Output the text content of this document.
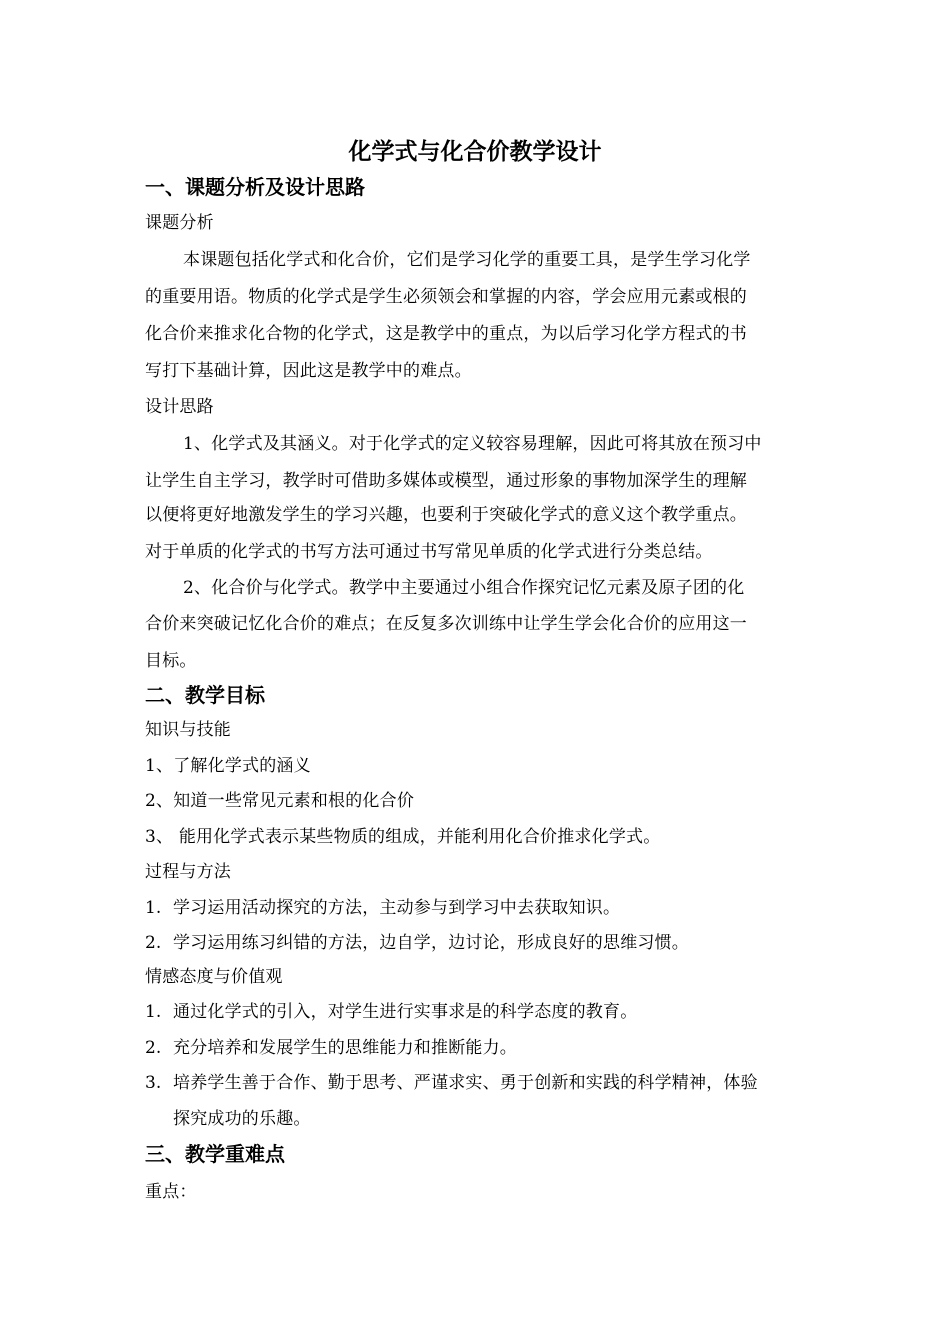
化学式与化合价教学设计
一、课题分析及设计思路
课题分析
本课题包括化学式和化合价，它们是学习化学的重要工具，是学生学习化学
的重要用语。物质的化学式是学生必须领会和掌握的内容，学会应用元素或根的
化合价来推求化合物的化学式，这是教学中的重点，为以后学习化学方程式的书
写打下基础计算，因此这是教学中的难点。
设计思路
1、化学式及其涵义。对于化学式的定义较容易理解，因此可将其放在预习中
让学生自主学习，教学时可借助多媒体或模型，通过形象的事物加深学生的理解
以便将更好地激发学生的学习兴趣，也要利于突破化学式的意义这个教学重点。
对于单质的化学式的书写方法可通过书写常见单质的化学式进行分类总结。
2、化合价与化学式。教学中主要通过小组合作探究记忆元素及原子团的化
合价来突破记忆化合价的难点；在反复多次训练中让学生学会化合价的应用这一
目标。
二、教学目标
知识与技能
1、了解化学式的涵义
2、知道一些常见元素和根的化合价
3、 能用化学式表示某些物质的组成，并能利用化合价推求化学式。
过程与方法
1. 学习运用活动探究的方法，主动参与到学习中去获取知识。
2. 学习运用练习纠错的方法，边自学，边讨论，形成良好的思维习惯。
情感态度与价值观
1. 通过化学式的引入，对学生进行实事求是的科学态度的教育。
2. 充分培养和发展学生的思维能力和推断能力。
3. 培养学生善于合作、勤于思考、严谨求实、勇于创新和实践的科学精神，体验
探究成功的乐趣。
三、教学重难点
重点：
